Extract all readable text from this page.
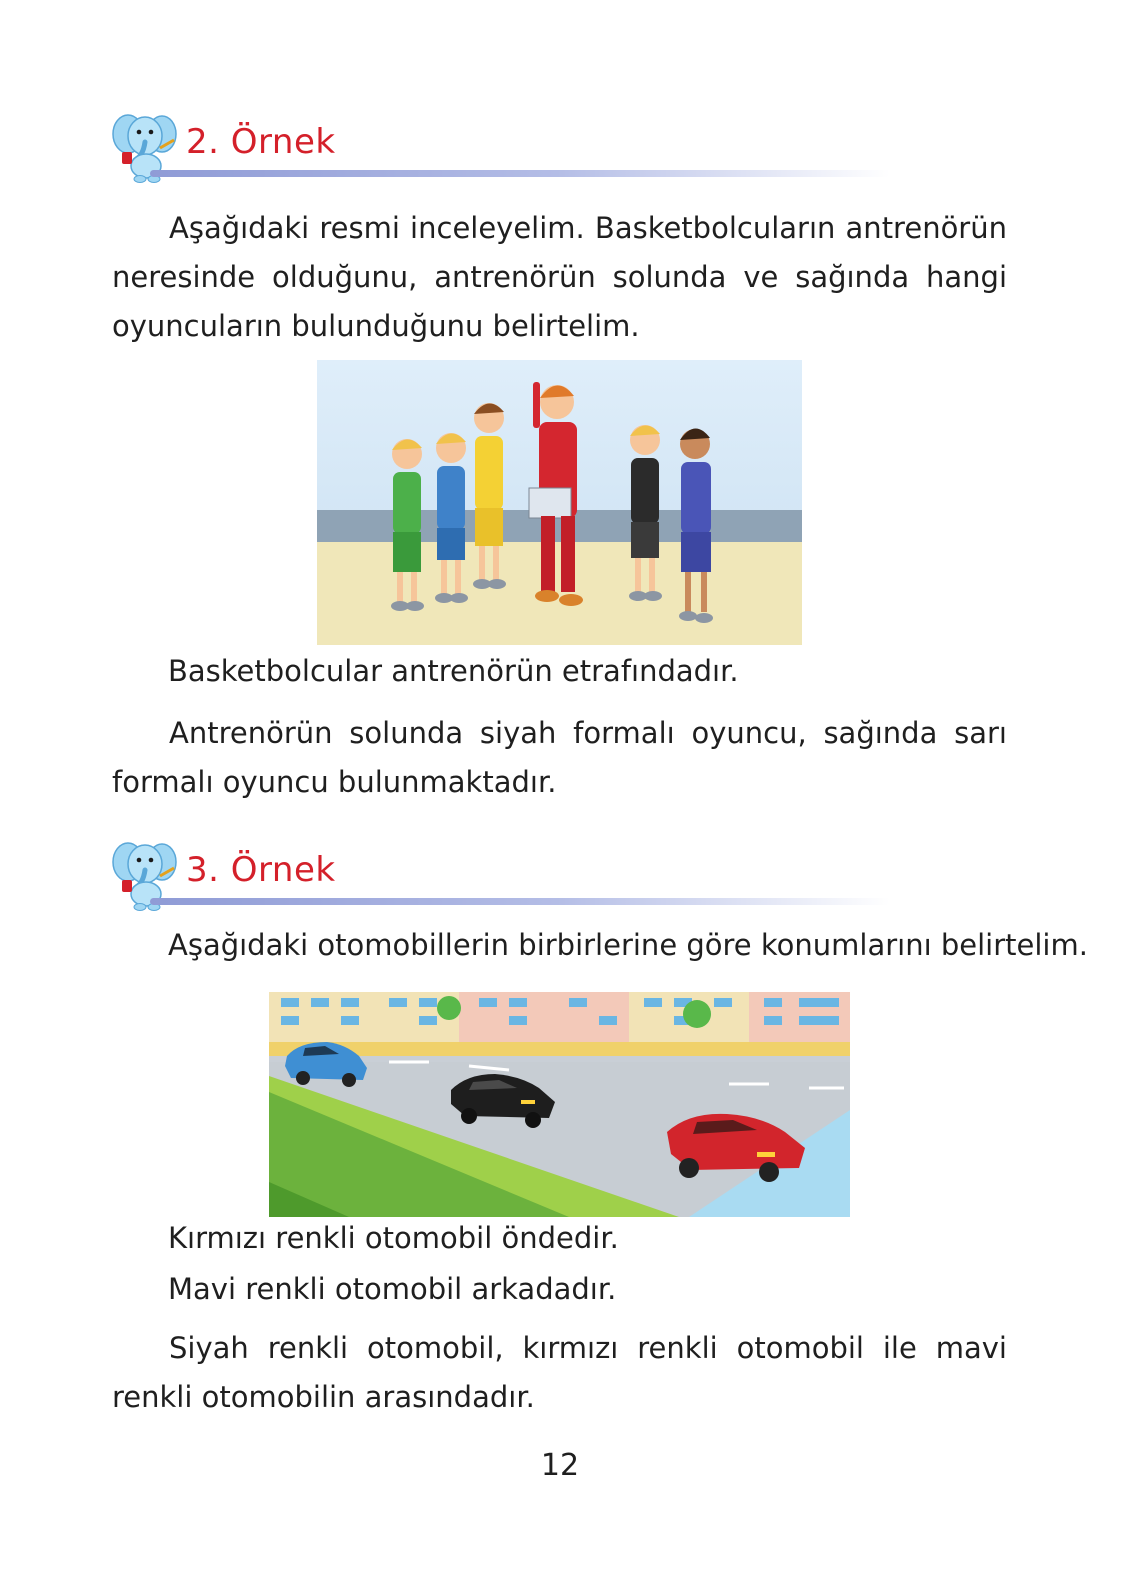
2. Örnek

Aşağıdaki resmi inceleyelim. Basketbolcuların antrenörün neresinde olduğunu, antrenörün solunda ve sağında hangi oyuncuların bulunduğunu belirtelim.

Basketbolcular antrenörün etrafındadır.

Antrenörün solunda siyah formalı oyuncu, sağında sarı formalı oyuncu bulunmaktadır.

3. Örnek

Aşağıdaki otomobillerin birbirlerine göre konumlarını belirtelim.

Kırmızı renkli otomobil öndedir.

Mavi renkli otomobil arkadadır.

Siyah renkli otomobil, kırmızı renkli otomobil ile mavi renkli otomobilin arasındadır.

12
